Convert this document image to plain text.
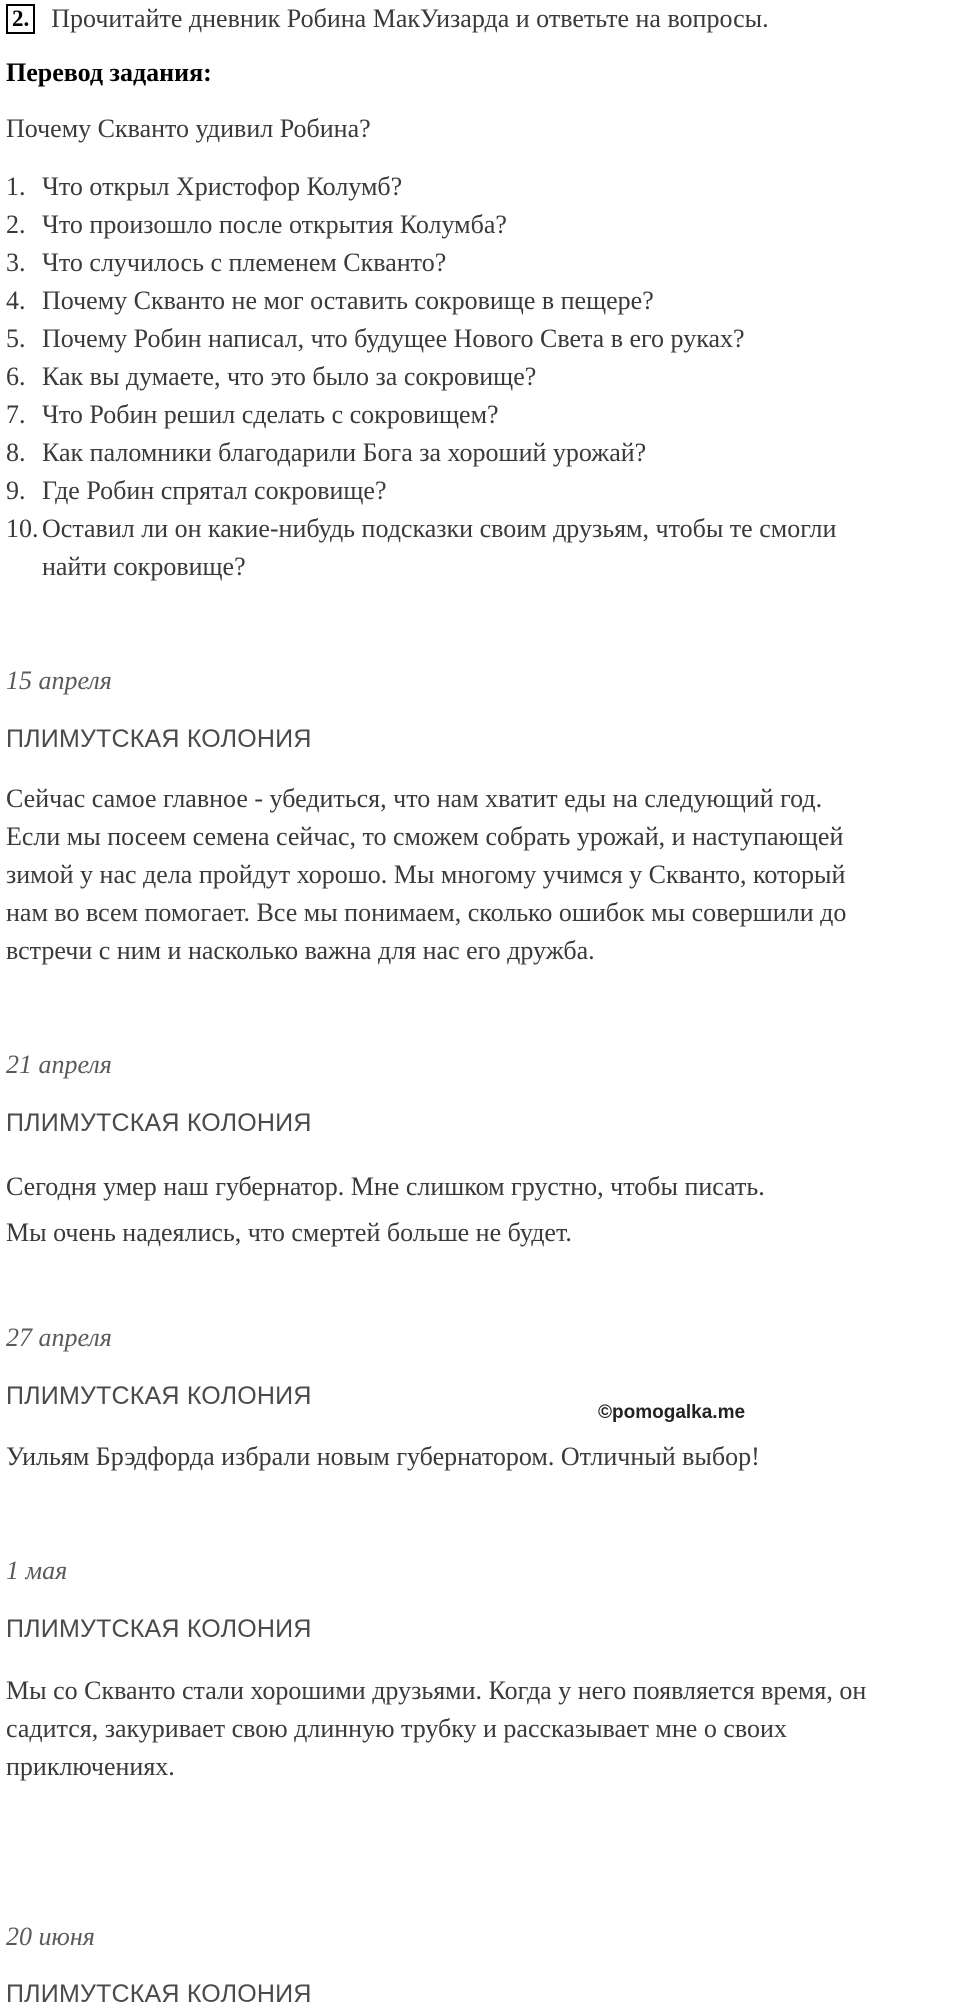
2. Прочитайте дневник Робина МакУизарда и ответьте на вопросы.
Перевод задания:
Почему Скванто удивил Робина?
1. Что открыл Христофор Колумб?
2. Что произошло после открытия Колумба?
3. Что случилось с племенем Скванто?
4. Почему Скванто не мог оставить сокровище в пещере?
5. Почему Робин написал, что будущее Нового Света в его руках?
6. Как вы думаете, что это было за сокровище?
7. Что Робин решил сделать с сокровищем?
8. Как паломники благодарили Бога за хороший урожай?
9. Где Робин спрятал сокровище?
10. Оставил ли он какие-нибудь подсказки своим друзьям, чтобы те смогли
найти сокровище?
15 апреля
ПЛИМУТСКАЯ КОЛОНИЯ
Сейчас самое главное - убедиться, что нам хватит еды на следующий год.
Если мы посеем семена сейчас, то сможем собрать урожай, и наступающей
зимой у нас дела пройдут хорошо. Мы многому учимся у Скванто, который
нам во всем помогает. Все мы понимаем, сколько ошибок мы совершили до
встречи с ним и насколько важна для нас его дружба.
21 апреля
ПЛИМУТСКАЯ КОЛОНИЯ
Сегодня умер наш губернатор. Мне слишком грустно, чтобы писать.
Мы очень надеялись, что смертей больше не будет.
27 апреля
ПЛИМУТСКАЯ КОЛОНИЯ
©pomogalka.me
Уильям Брэдфорда избрали новым губернатором. Отличный выбор!
1 мая
ПЛИМУТСКАЯ КОЛОНИЯ
Мы со Скванто стали хорошими друзьями. Когда у него появляется время, он
садится, закуривает свою длинную трубку и рассказывает мне о своих
приключениях.
20 июня
ПЛИМУТСКАЯ КОЛОНИЯ
